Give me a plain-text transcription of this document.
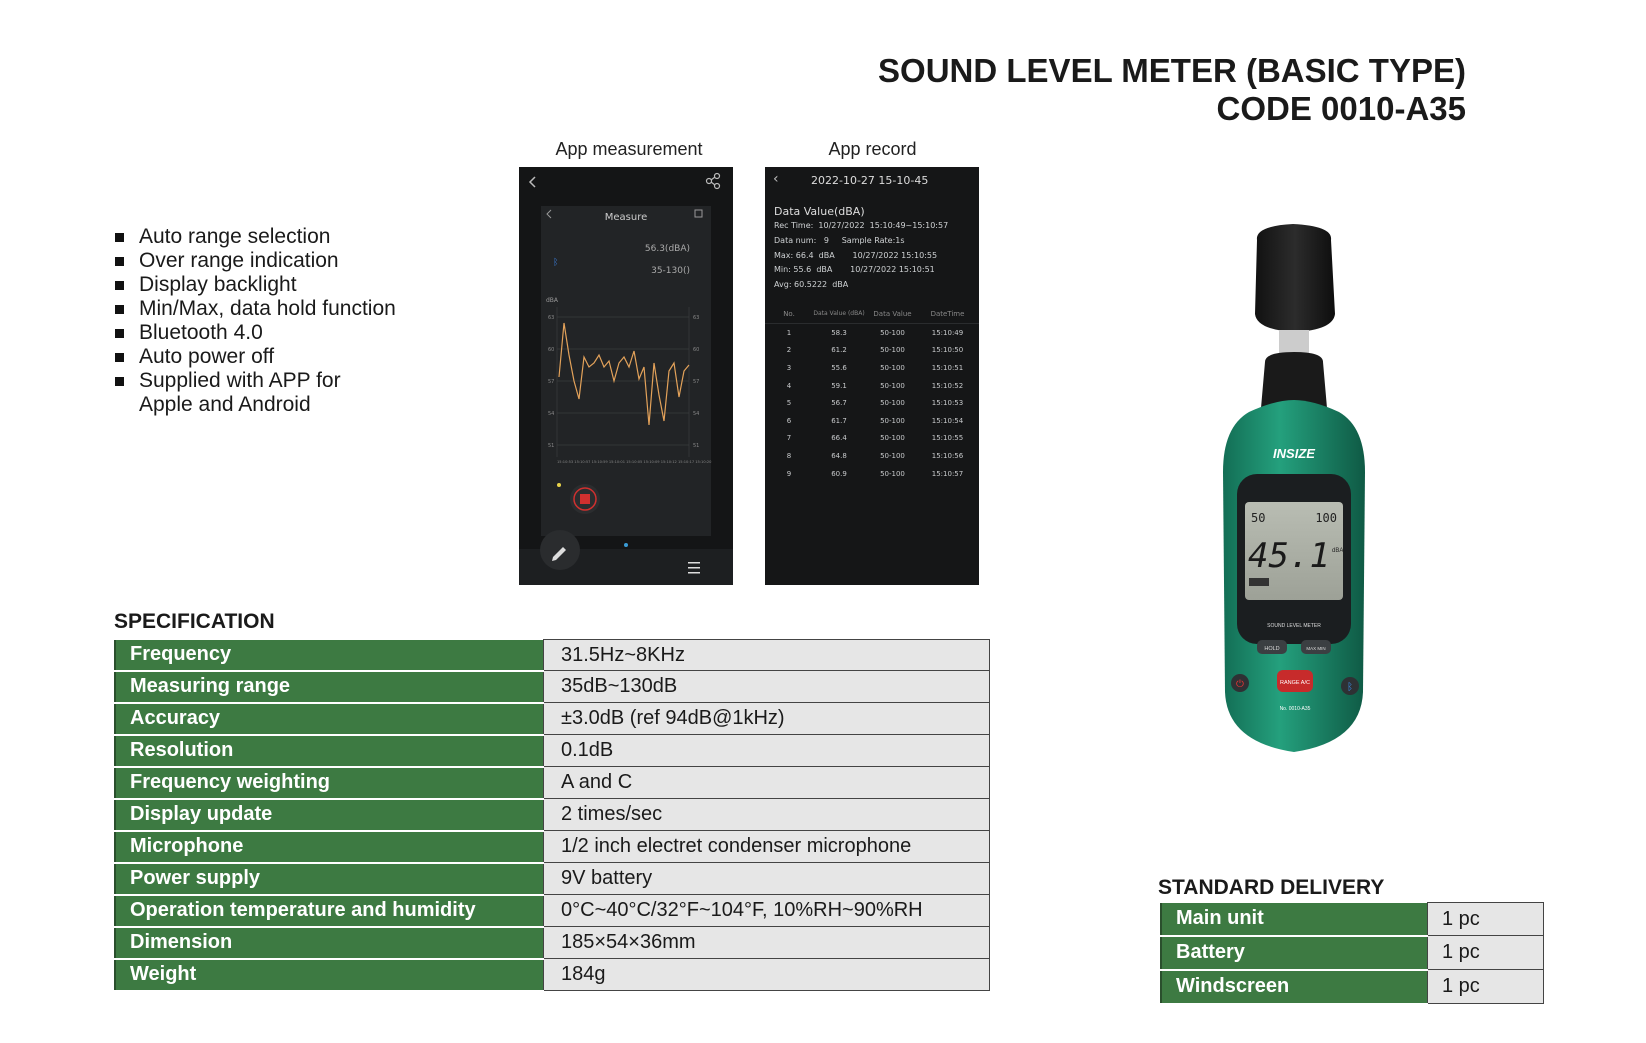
SOUND LEVEL METER (BASIC TYPE)
CODE 0010-A35
Auto range selection
Over range indication
Display backlight
Min/Max, data hold function
Bluetooth 4.0
Auto power off
Supplied with APP for
Apple and Android
App measurement
Measure
ᛒ
56.3(dBA)
35-130()
dBA
63
60
57
54
51
63
60
57
54
51
15:10:53 15:10:57 15:10:59 15:10:01 15:10:05 15:10:09 15:10:12 15:10:17 15:10:20
App record
‹	2022-10-27 15-10-45
Data Value(dBA)
Rec Time:  10/27/2022  15:10:49~15:10:57
Data num:   9     Sample Rate:1s
Max: 66.4  dBA       10/27/2022 15:10:55
Min: 55.6  dBA       10/27/2022 15:10:51
Avg: 60.5222  dBA
No.	Data Value (dBA)	Data Value	DateTime
1	58.3	50-100	15:10:49
2	61.2	50-100	15:10:50
3	55.6	50-100	15:10:51
4	59.1	50-100	15:10:52
5	56.7	50-100	15:10:53
6	61.7	50-100	15:10:54
7	66.4	50-100	15:10:55
8	64.8	50-100	15:10:56
9	60.9	50-100	15:10:57
SPECIFICATION
Frequency	31.5Hz~8KHz
Measuring range	35dB~130dB
Accuracy	±3.0dB (ref 94dB@1kHz)
Resolution	0.1dB
Frequency weighting	A and C
Display update	2 times/sec
Microphone	1/2 inch electret condenser microphone
Power supply	9V battery
Operation temperature and humidity	0°C~40°C/32°F~104°F, 10%RH~90%RH
Dimension	185×54×36mm
Weight	184g
INSIZE
50	100
45.1 dBA
SOUND LEVEL METER
HOLD	MAX MIN
RANGE A/C
⏻	ᛒ
No. 0010-A35
STANDARD DELIVERY
Main unit	1 pc
Battery	1 pc
Windscreen	1 pc
